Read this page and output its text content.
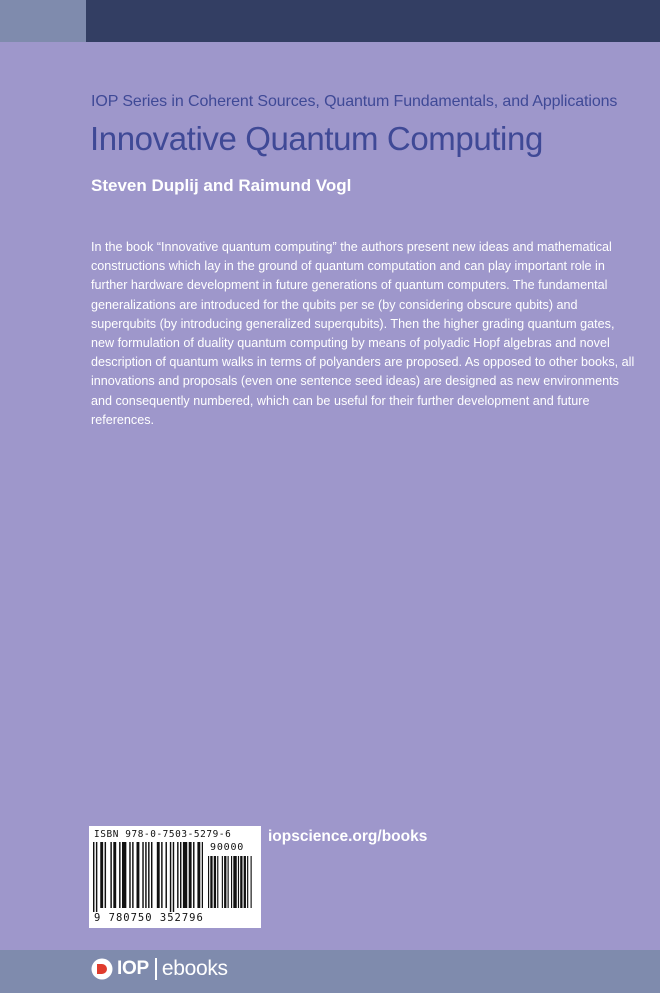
IOP Series in Coherent Sources, Quantum Fundamentals, and Applications
Innovative Quantum Computing
Steven Duplij and Raimund Vogl

In the book “Innovative quantum computing” the authors present new ideas and mathematical constructions which lay in the ground of quantum computation and can play important role in further hardware development in future generations of quantum computers. The fundamental generalizations are introduced for the qubits per se (by considering obscure qubits) and superqubits (by introducing generalized superqubits). Then the higher grading quantum gates, new formulation of duality quantum computing by means of polyadic Hopf algebras and novel description of quantum walks in terms of polyanders are proposed. As opposed to other books, all innovations and proposals (even one sentence seed ideas) are designed as new environments and consequently numbered, which can be useful for their further development and future references.

ISBN 978-0-7503-5279-6
90000
9 780750 352796
iopscience.org/books
IOP ebooks
